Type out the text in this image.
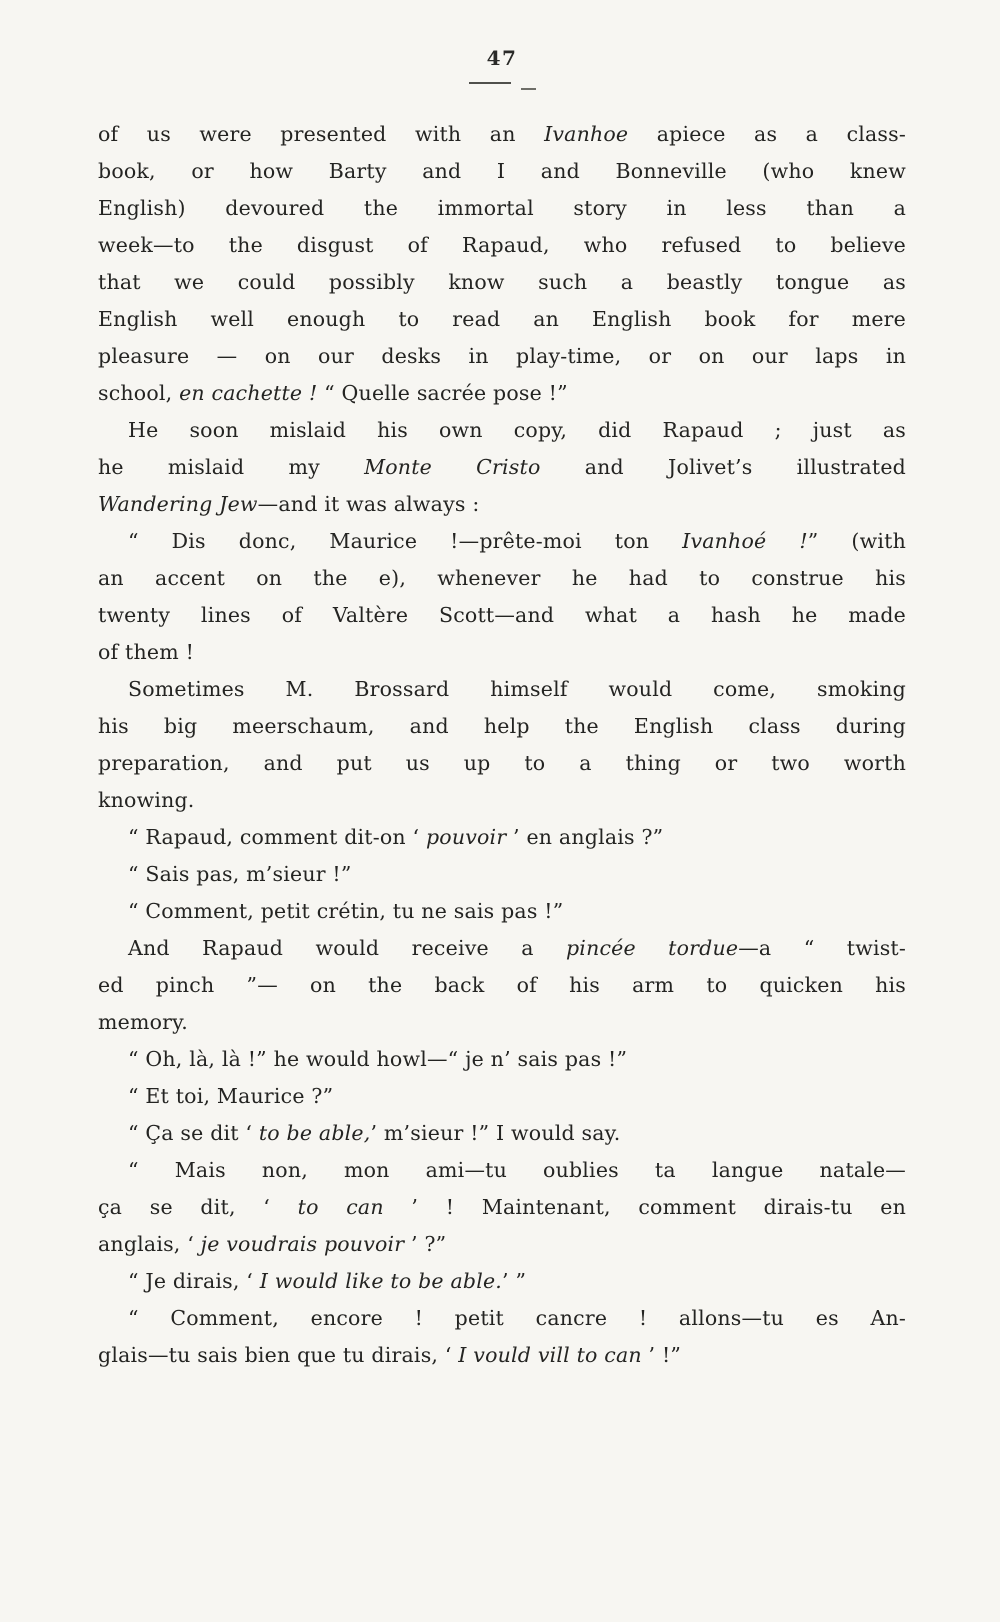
47
of us were presented with an Ivanhoe apiece as a class-
book, or how Barty and I and Bonneville (who knew
English) devoured the immortal story in less than a
week—to the disgust of Rapaud, who refused to believe
that we could possibly know such a beastly tongue as
English well enough to read an English book for mere
pleasure — on our desks in play-time, or on our laps in
school, en cachette ! “ Quelle sacrée pose !”
He soon mislaid his own copy, did Rapaud ; just as
he mislaid my Monte Cristo and Jolivet’s illustrated
Wandering Jew—and it was always :
“ Dis donc, Maurice !—prête-moi ton Ivanhoé !” (with
an accent on the e), whenever he had to construe his
twenty lines of Valtère Scott—and what a hash he made
of them !
Sometimes M. Brossard himself would come, smoking
his big meerschaum, and help the English class during
preparation, and put us up to a thing or two worth
knowing.
“ Rapaud, comment dit-on ‘ pouvoir ’ en anglais ?”
“ Sais pas, m’sieur !”
“ Comment, petit crétin, tu ne sais pas !”
And Rapaud would receive a pincée tordue—a “ twist-
ed pinch ”— on the back of his arm to quicken his
memory.
“ Oh, là, là !” he would howl—“ je n’ sais pas !”
“ Et toi, Maurice ?”
“ Ça se dit ‘ to be able,’ m’sieur !” I would say.
“ Mais non, mon ami—tu oublies ta langue natale—
ça se dit, ‘ to can ’ ! Maintenant, comment dirais-tu en
anglais, ‘ je voudrais pouvoir ’ ?”
“ Je dirais, ‘ I would like to be able.’ ”
“ Comment, encore ! petit cancre ! allons—tu es An-
glais—tu sais bien que tu dirais, ‘ I vould vill to can ’ !”
